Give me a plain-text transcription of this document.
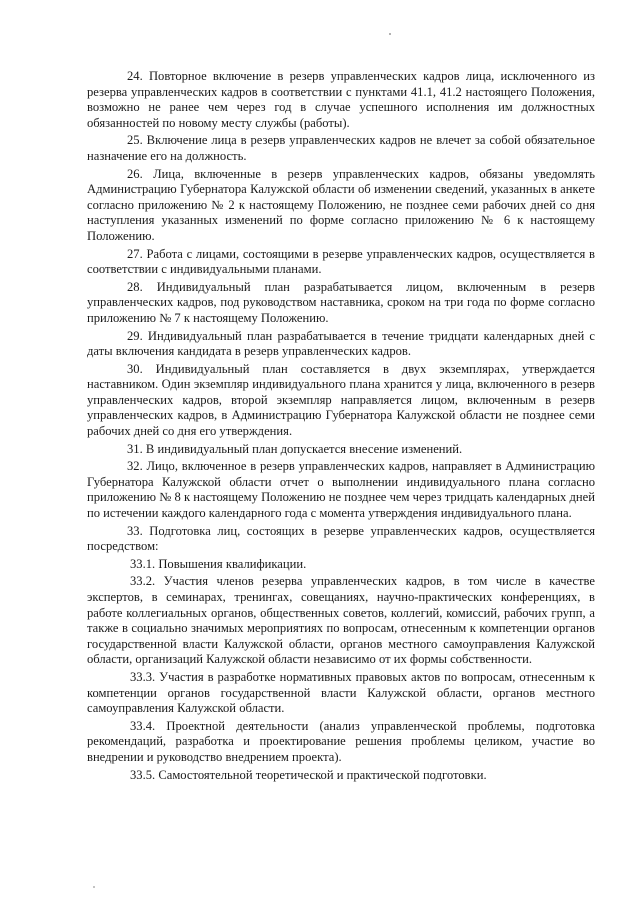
24. Повторное включение в резерв управленческих кадров лица, исключенного из резерва управленческих кадров в соответствии с пунктами 41.1, 41.2 настоящего Положения, возможно не ранее чем через год в случае успешного исполнения им должностных обязанностей по новому месту службы (работы).

25. Включение лица в резерв управленческих кадров не влечет за собой обязательное назначение его на должность.

26. Лица, включенные в резерв управленческих кадров, обязаны уведомлять Администрацию Губернатора Калужской области об изменении сведений, указанных в анкете согласно приложению № 2 к настоящему Положению, не позднее семи рабочих дней со дня наступления указанных изменений по форме согласно приложению № 6 к настоящему Положению.

27. Работа с лицами, состоящими в резерве управленческих кадров, осуществляется в соответствии с индивидуальными планами.

28. Индивидуальный план разрабатывается лицом, включенным в резерв управленческих кадров, под руководством наставника, сроком на три года по форме согласно приложению № 7 к настоящему Положению.

29. Индивидуальный план разрабатывается в течение тридцати календарных дней с даты включения кандидата в резерв управленческих кадров.

30. Индивидуальный план составляется в двух экземплярах, утверждается наставником. Один экземпляр индивидуального плана хранится у лица, включенного в резерв управленческих кадров, второй экземпляр направляется лицом, включенным в резерв управленческих кадров, в Администрацию Губернатора Калужской области не позднее семи рабочих дней со дня его утверждения.

31. В индивидуальный план допускается внесение изменений.

32. Лицо, включенное в резерв управленческих кадров, направляет в Администрацию Губернатора Калужской области отчет о выполнении индивидуального плана согласно приложению № 8 к настоящему Положению не позднее чем через тридцать календарных дней по истечении каждого календарного года с момента утверждения индивидуального плана.

33. Подготовка лиц, состоящих в резерве управленческих кадров, осуществляется посредством:

33.1. Повышения квалификации.

33.2. Участия членов резерва управленческих кадров, в том числе в качестве экспертов, в семинарах, тренингах, совещаниях, научно-практических конференциях, в работе коллегиальных органов, общественных советов, коллегий, комиссий, рабочих групп, а также в социально значимых мероприятиях по вопросам, отнесенным к компетенции органов государственной власти Калужской области, органов местного самоуправления Калужской области, организаций Калужской области независимо от их формы собственности.

33.3. Участия в разработке нормативных правовых актов по вопросам, отнесенным к компетенции органов государственной власти Калужской области, органов местного самоуправления Калужской области.

33.4. Проектной деятельности (анализ управленческой проблемы, подготовка рекомендаций, разработка и проектирование решения проблемы целиком, участие во внедрении и руководство внедрением проекта).

33.5. Самостоятельной теоретической и практической подготовки.
